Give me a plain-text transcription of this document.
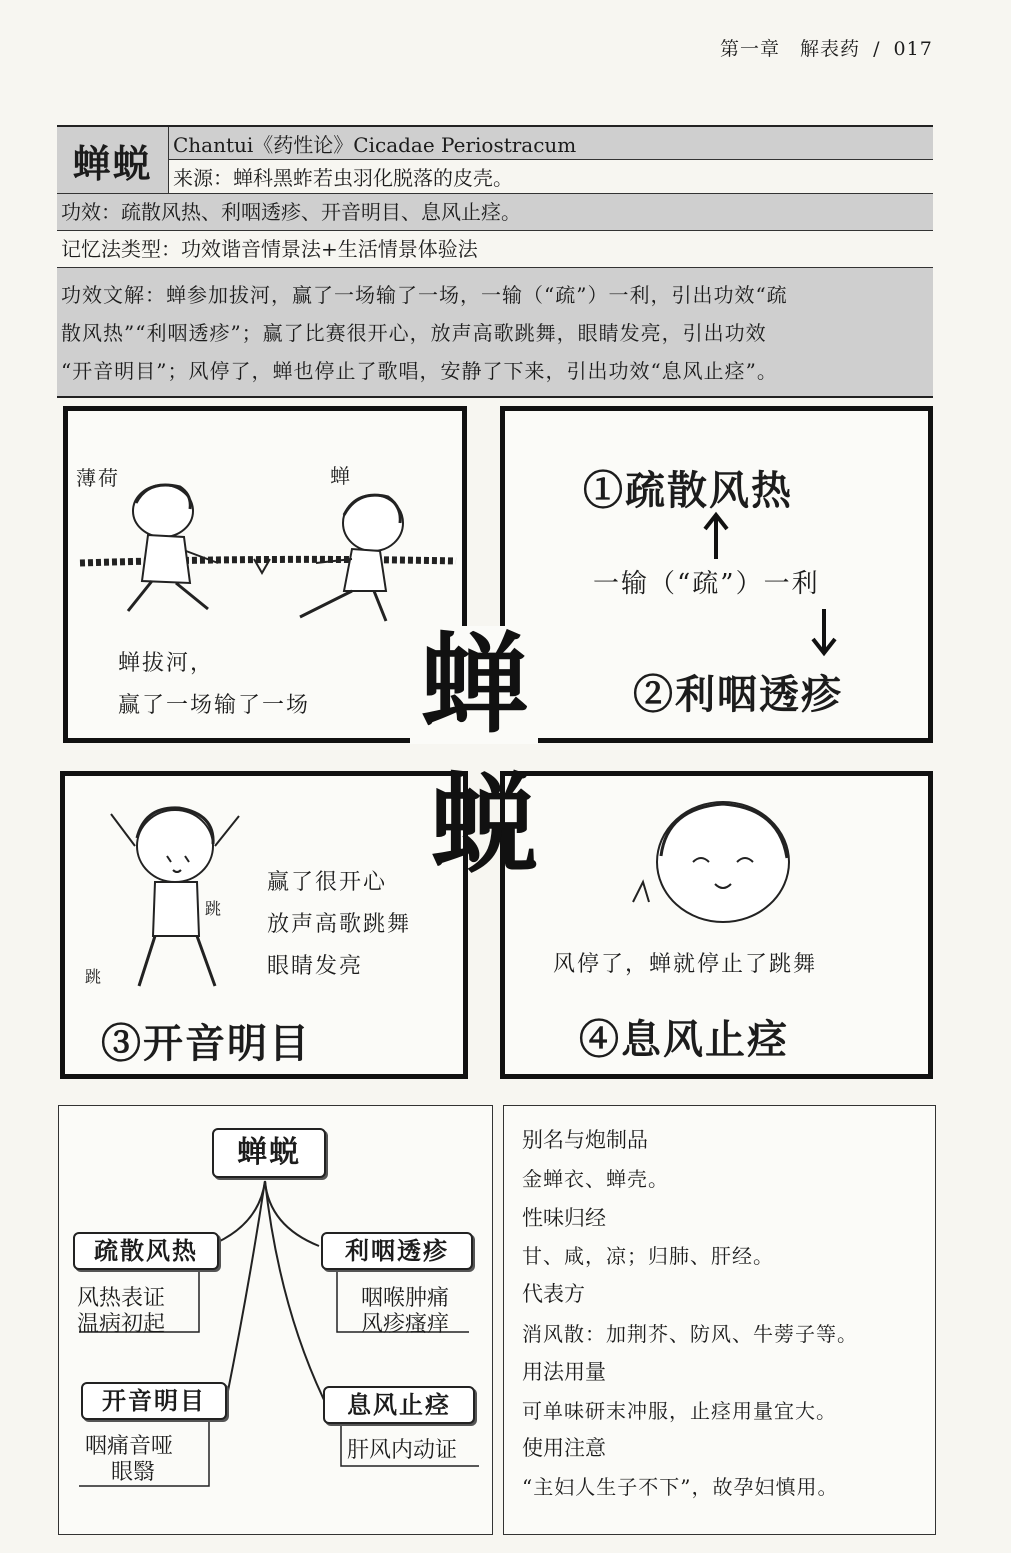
第一章　解表药 / 017
蝉蜕	Chantui《药性论》Cicadae Periostracum
来源：蝉科黑蚱若虫羽化脱落的皮壳。
功效：疏散风热、利咽透疹、开音明目、息风止痉。
记忆法类型：功效谐音情景法+生活情景体验法
功效文解：蝉参加拔河，赢了一场输了一场，一输（“疏”）一利，引出功效“疏
散风热”“利咽透疹”；赢了比赛很开心，放声高歌跳舞，眼睛发亮，引出功效
“开音明目”；风停了，蝉也停止了歌唱，安静了下来，引出功效“息风止痉”。
薄荷	蝉
蝉拔河，
赢了一场输了一场
①疏散风热
一输（“疏”）一利
②利咽透疹
跳
跳
赢了很开心
放声高歌跳舞
眼睛发亮
③开音明目
风停了，蝉就停止了跳舞
④息风止痉
蝉
蜕
蝉蜕
疏散风热
风热表证
温病初起
利咽透疹
咽喉肿痛
风疹瘙痒
开音明目
咽痛音哑
眼翳
息风止痉
肝风内动证
别名与炮制品
金蝉衣、蝉壳。
性味归经
甘、咸，凉；归肺、肝经。
代表方
消风散：加荆芥、防风、牛蒡子等。
用法用量
可单味研末冲服，止痉用量宜大。
使用注意
“主妇人生子不下”，故孕妇慎用。
